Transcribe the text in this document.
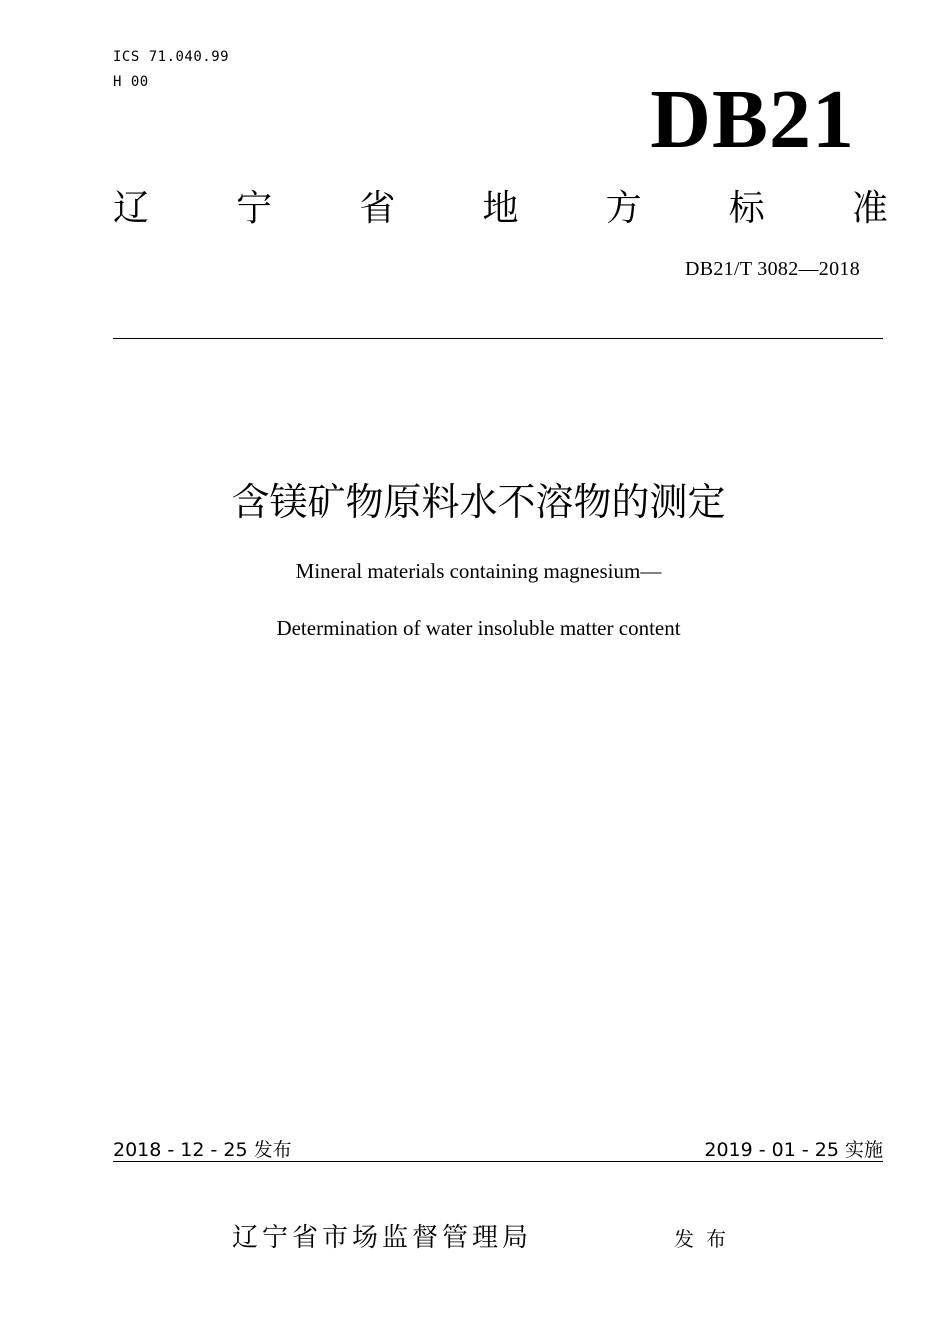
ICS 71.040.99
H 00	DB21
辽 宁 省 地 方 标 准
DB21/T 3082—2018
含镁矿物原料水不溶物的测定
Mineral materials containing magnesium—
Determination of water insoluble matter content
2018 - 12 - 25 发布	2019 - 01 - 25 实施
辽宁省市场监督管理局	发布
